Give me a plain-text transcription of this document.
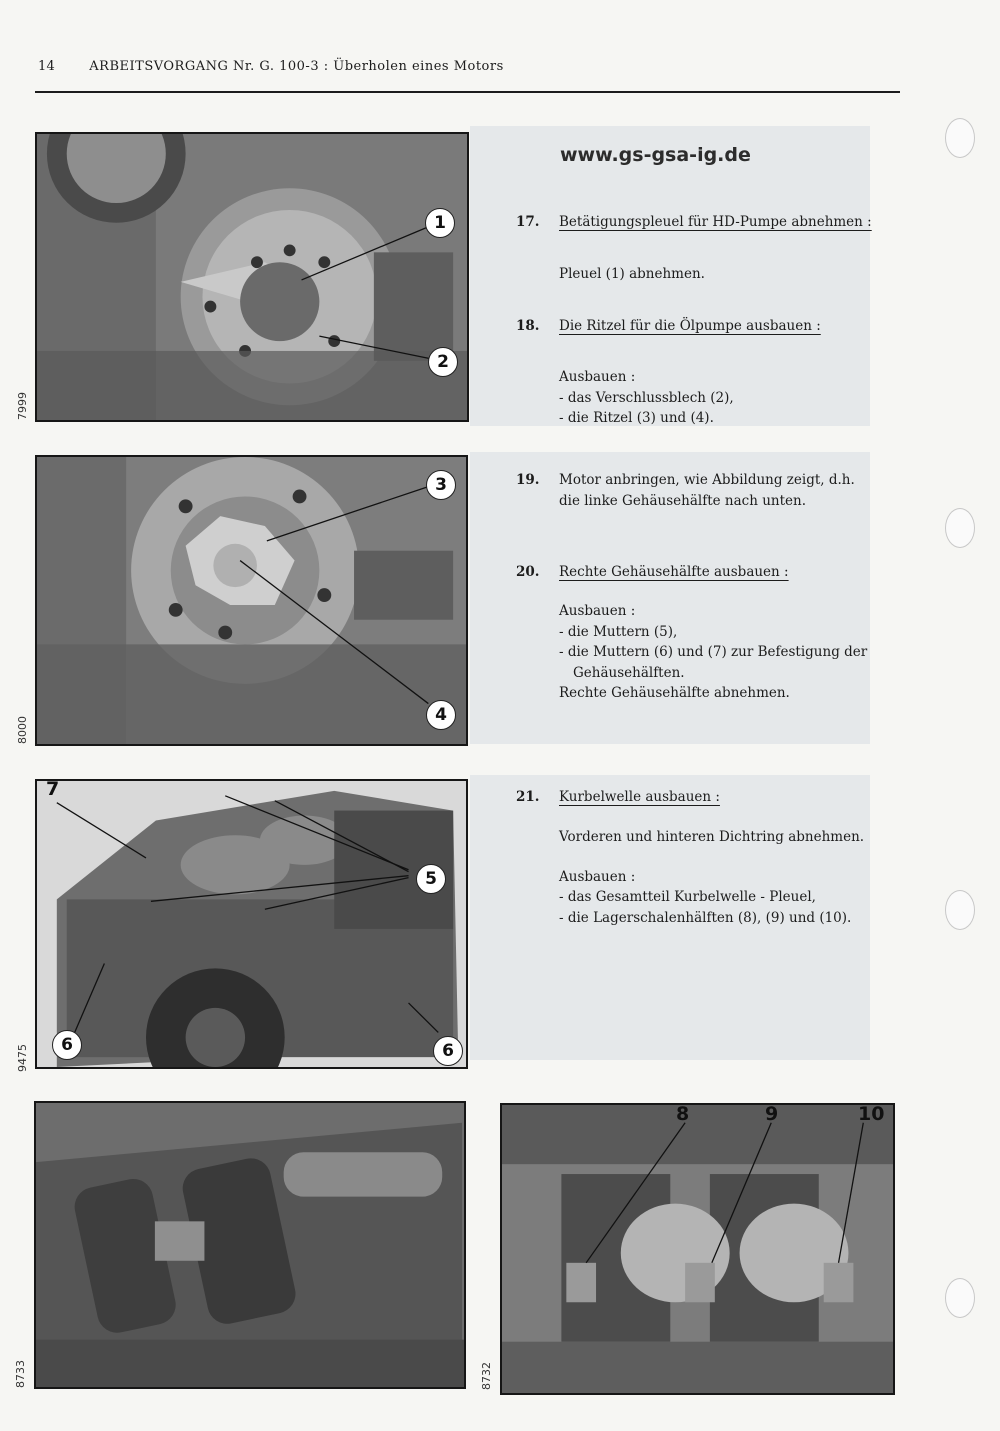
14	ARBEITSVORGANG Nr. G. 100-3 : Überholen eines Motors
1
2
7999
3
4
8000
7
5
6	6
9475
8733
8	9	10
8732
www.gs-gsa-ig.de
17. Betätigungspleuel für HD-Pumpe abnehmen :
Pleuel (1) abnehmen.
18. Die Ritzel für die Ölpumpe ausbauen :
Ausbauen :
- das Verschlussblech (2),
- die Ritzel (3) und (4).
19. Motor anbringen, wie Abbildung zeigt, d.h.
die linke Gehäusehälfte nach unten.
20. Rechte Gehäusehälfte ausbauen :
Ausbauen :
- die Muttern (5),
- die Muttern (6) und (7) zur Befestigung der
Gehäusehälften.
Rechte Gehäusehälfte abnehmen.
21. Kurbelwelle ausbauen :
Vorderen und hinteren Dichtring abnehmen.
Ausbauen :
- das Gesamtteil Kurbelwelle - Pleuel,
- die Lagerschalenhälften (8), (9) und (10).
